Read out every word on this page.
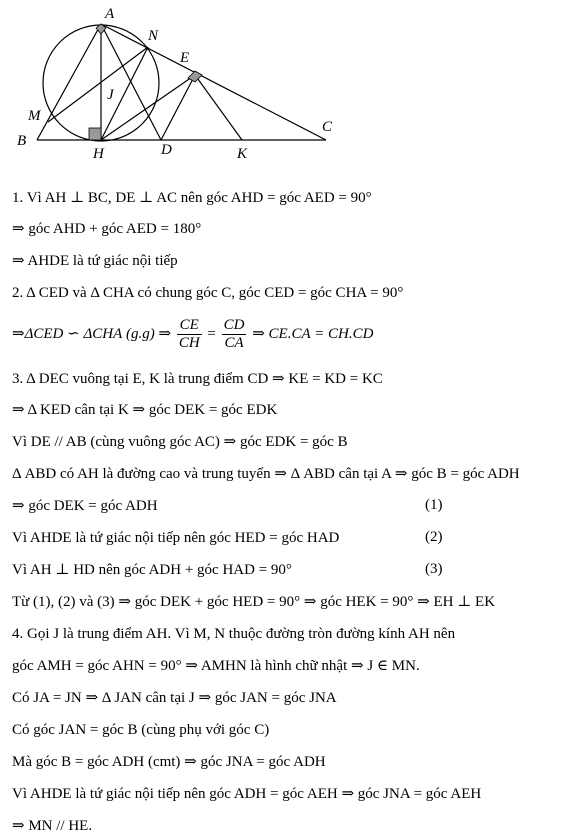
A
N
E
J
M
B
H	D	K
C
1. Vì AH ⊥ BC, DE ⊥ AC nên góc AHD = góc AED = 90°
⇒ góc AHD + góc AED = 180°
⇒ AHDE là tứ giác nội tiếp
2. Δ CED và Δ CHA có chung góc C, góc CED = góc CHA = 90°
⇒ΔCED ∽ ΔCHA (g.g) ⇒ $\frac{CE}{CH} = \frac{CD}{CA}$ ⇒ CE.CA = CH.CD
3. Δ DEC vuông tại E, K là trung điểm CD ⇒ KE = KD = KC
⇒ Δ KED cân tại K ⇒ góc DEK = góc EDK
Vì DE // AB (cùng vuông góc AC) ⇒ góc EDK = góc B
Δ ABD có AH là đường cao và trung tuyến ⇒ Δ ABD cân tại A ⇒ góc B = góc ADH
⇒ góc DEK = góc ADH	(1)
Vì AHDE là tứ giác nội tiếp nên góc HED = góc HAD	(2)
Vì AH ⊥ HD nên góc ADH + góc HAD = 90°	(3)
Từ (1), (2) và (3) ⇒ góc DEK + góc HED = 90° ⇒ góc HEK = 90° ⇒ EH ⊥ EK
4. Gọi J là trung điểm AH. Vì M, N thuộc đường tròn đường kính AH nên
góc AMH = góc AHN = 90° ⇒ AMHN là hình chữ nhật ⇒ J ∈ MN.
Có JA = JN ⇒ Δ JAN cân tại J ⇒ góc JAN = góc JNA
Có góc JAN = góc B (cùng phụ với góc C)
Mà góc B = góc ADH (cmt) ⇒ góc JNA = góc ADH
Vì AHDE là tứ giác nội tiếp nên góc ADH = góc AEH ⇒ góc JNA = góc AEH
⇒ MN // HE.
